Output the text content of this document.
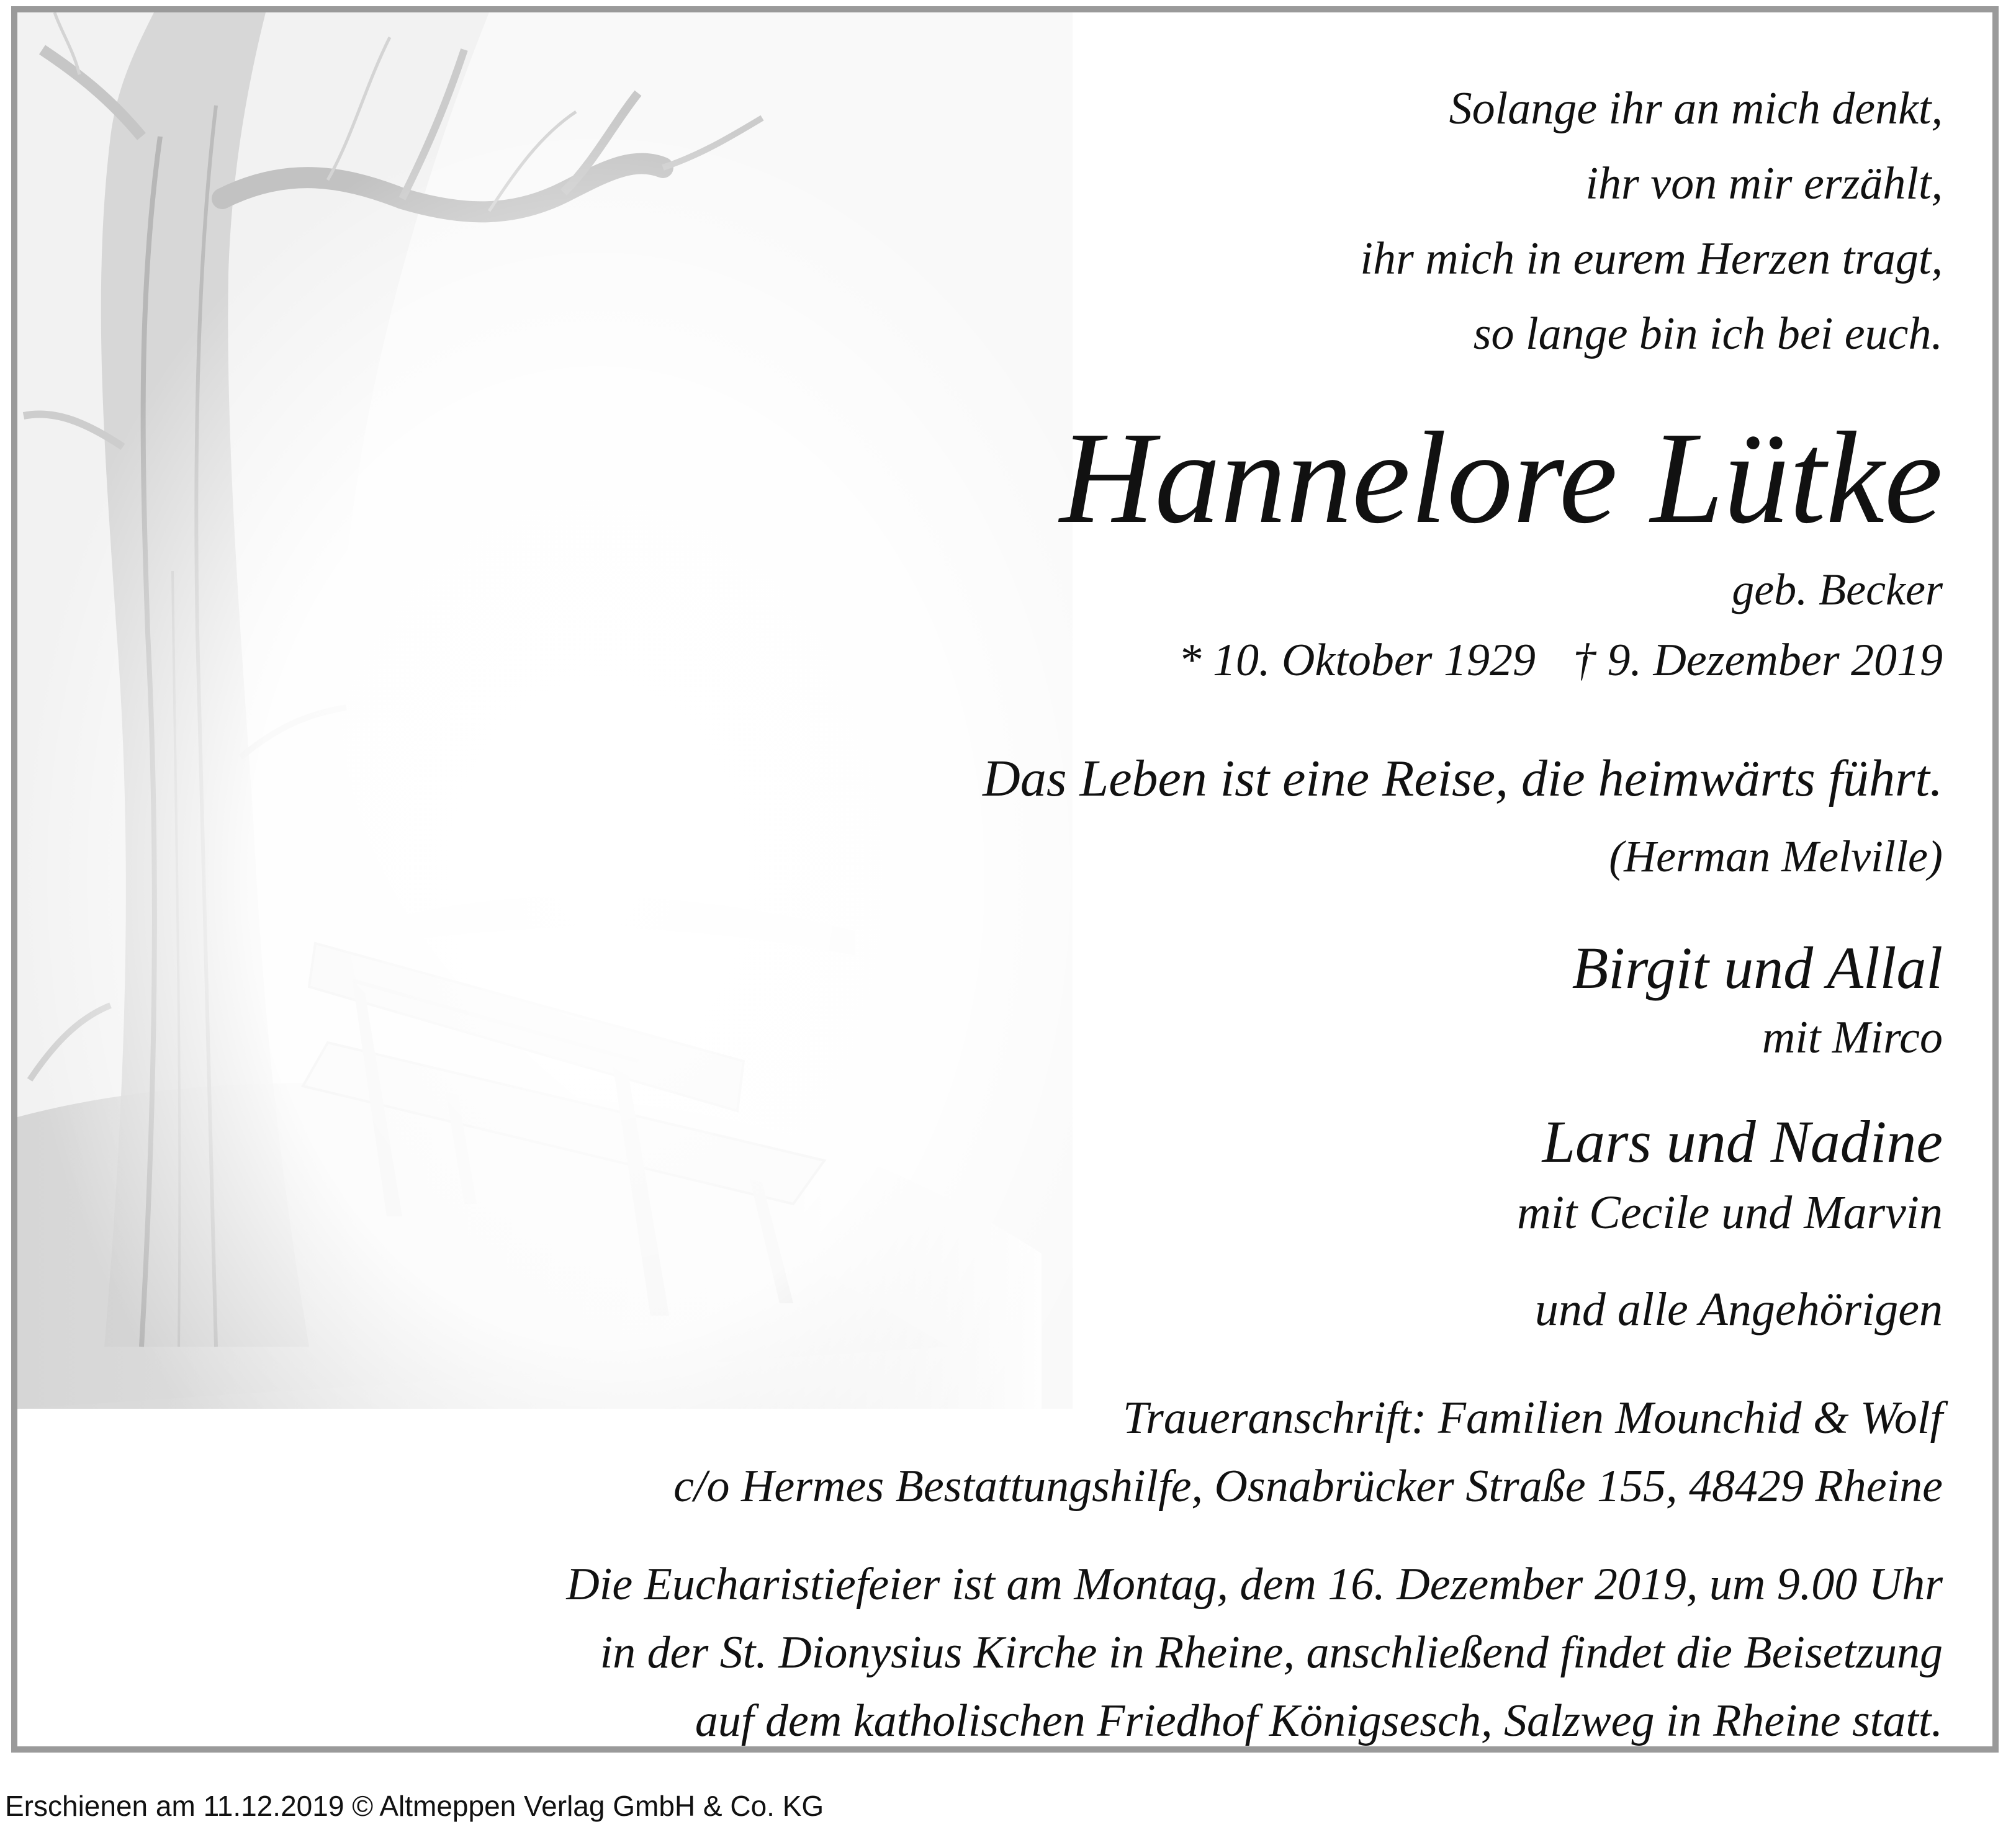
Solange ihr an mich denkt,
ihr von mir erzählt,
ihr mich in eurem Herzen tragt,
so lange bin ich bei euch.
Hannelore Lütke
geb. Becker
* 10. Oktober 1929 † 9. Dezember 2019
Das Leben ist eine Reise, die heimwärts führt.
(Herman Melville)
Birgit und Allal
mit Mirco
Lars und Nadine
mit Cecile und Marvin
und alle Angehörigen
Traueranschrift: Familien Mounchid & Wolf
c/o Hermes Bestattungshilfe, Osnabrücker Straße 155, 48429 Rheine
Die Eucharistiefeier ist am Montag, dem 16. Dezember 2019, um 9.00 Uhr
in der St. Dionysius Kirche in Rheine, anschließend findet die Beisetzung
auf dem katholischen Friedhof Königsesch, Salzweg in Rheine statt.
Erschienen am 11.12.2019 © Altmeppen Verlag GmbH & Co. KG
